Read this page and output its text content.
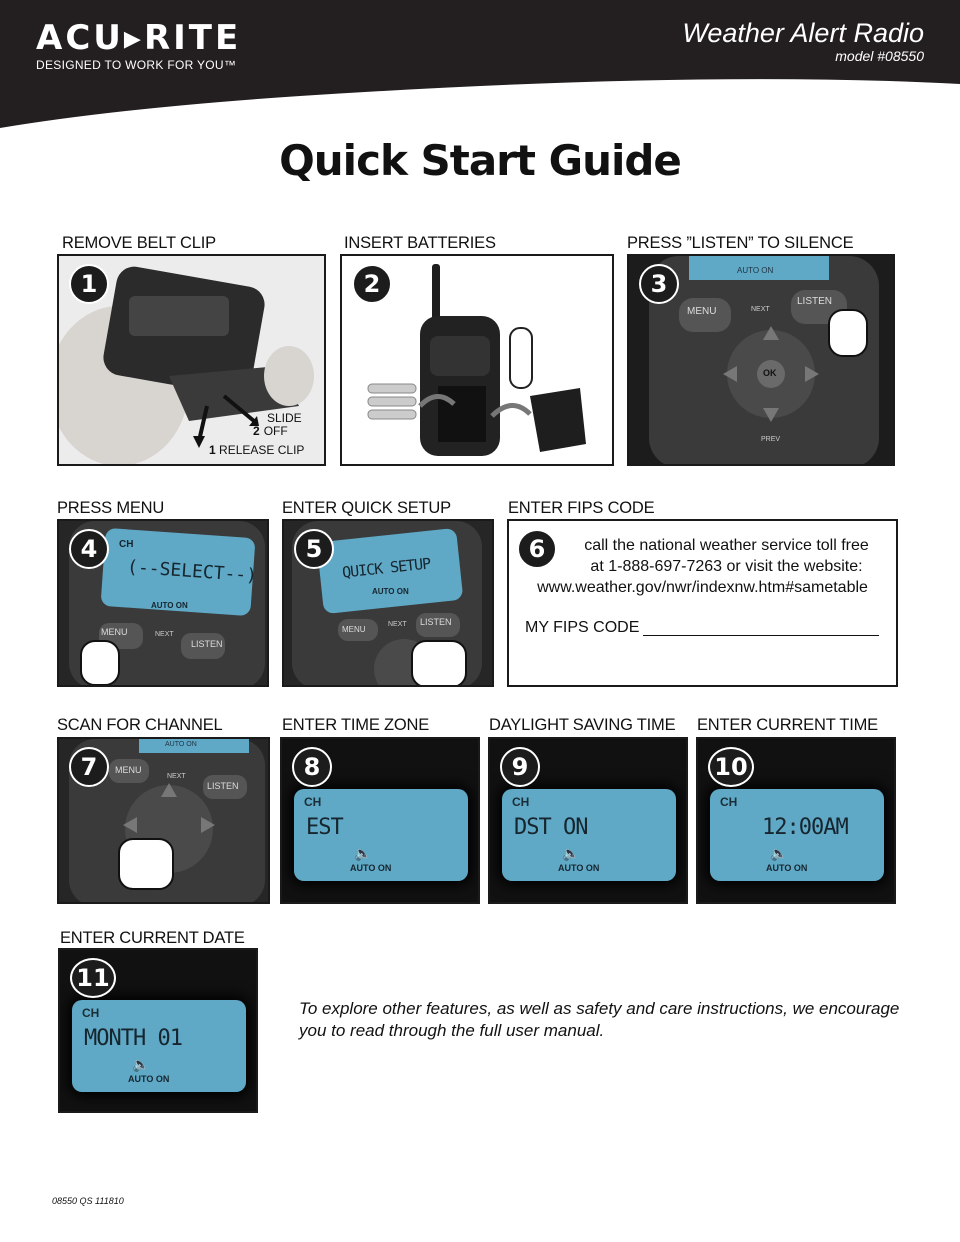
ACU▸RITE
DESIGNED TO WORK FOR YOU™
Weather Alert Radio
model #08550
Quick Start Guide
REMOVE BELT CLIP
1
SLIDE
2 OFF
1 RELEASE CLIP
INSERT BATTERIES
2
PRESS ”LISTEN” TO SILENCE
3
MENU	NEXT
LISTEN
OK
PREV
AUTO ON
PRESS MENU
4	CH
(--SELECT--)
AUTO ON
MENU	NEXT
LISTEN
ENTER QUICK SETUP
5
QUICK SETUP
AUTO ON
MENU
NEXT LISTEN
ENTER FIPS CODE
6	call the national weather service toll free
at 1-888-697-7263 or visit the website:
www.weather.gov/nwr/indexnw.htm#sametable
MY FIPS CODE
SCAN FOR CHANNEL
7	MENU
NEXT
LISTEN
AUTO ON
ENTER TIME ZONE
8
CH
EST
🔈
AUTO ON
DAYLIGHT SAVING TIME
9
CH
DST ON
🔈
AUTO ON
ENTER CURRENT TIME
10
CH
12:00AM
🔈
AUTO ON
ENTER CURRENT DATE
11
CH
MONTH 01
🔈
AUTO ON
To explore other features, as well as safety and care instructions, we encourage you to read through the full user manual.
08550 QS 111810
